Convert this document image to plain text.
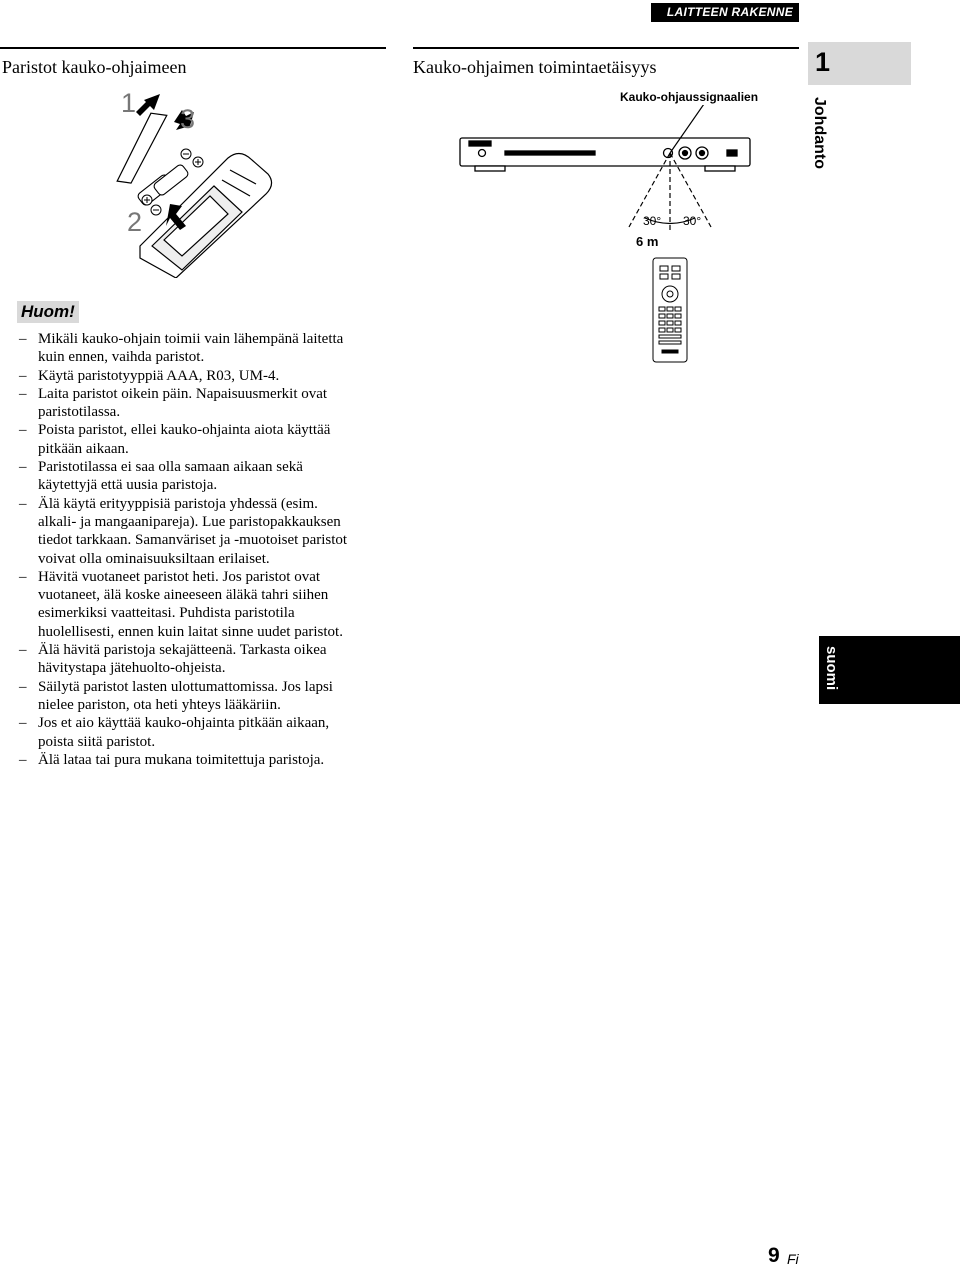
LAITTEEN RAKENNE
Paristot kauko-ohjaimeen	Kauko-ohjaimen toimintaetäisyys	1
Johdanto
1
2
3
Kauko-ohjaussignaalien
30° 30°
6 m
Huom!
– Mikäli kauko-ohjain toimii vain lähempänä laitetta
kuin ennen, vaihda paristot.
– Käytä paristotyyppiä AAA, R03, UM-4.
– Laita paristot oikein päin. Napaisuusmerkit ovat
paristotilassa.
– Poista paristot, ellei kauko-ohjainta aiota käyttää
pitkään aikaan.
– Paristotilassa ei saa olla samaan aikaan sekä
käytettyjä että uusia paristoja.
– Älä käytä erityyppisiä paristoja yhdessä (esim.
alkali- ja mangaanipareja). Lue paristopakkauksen
tiedot tarkkaan. Samanväriset ja -muotoiset paristot
voivat olla ominaisuuksiltaan erilaiset.
– Hävitä vuotaneet paristot heti. Jos paristot ovat
vuotaneet, älä koske aineeseen äläkä tahri siihen
esimerkiksi vaatteitasi. Puhdista paristotila
huolellisesti, ennen kuin laitat sinne uudet paristot.
– Älä hävitä paristoja sekajätteenä. Tarkasta oikea
hävitystapa jätehuolto-ohjeista.
– Säilytä paristot lasten ulottumattomissa. Jos lapsi
nielee pariston, ota heti yhteys lääkäriin.
– Jos et aio käyttää kauko-ohjainta pitkään aikaan,
poista siitä paristot.
– Älä lataa tai pura mukana toimitettuja paristoja.
suomi
9 Fi
